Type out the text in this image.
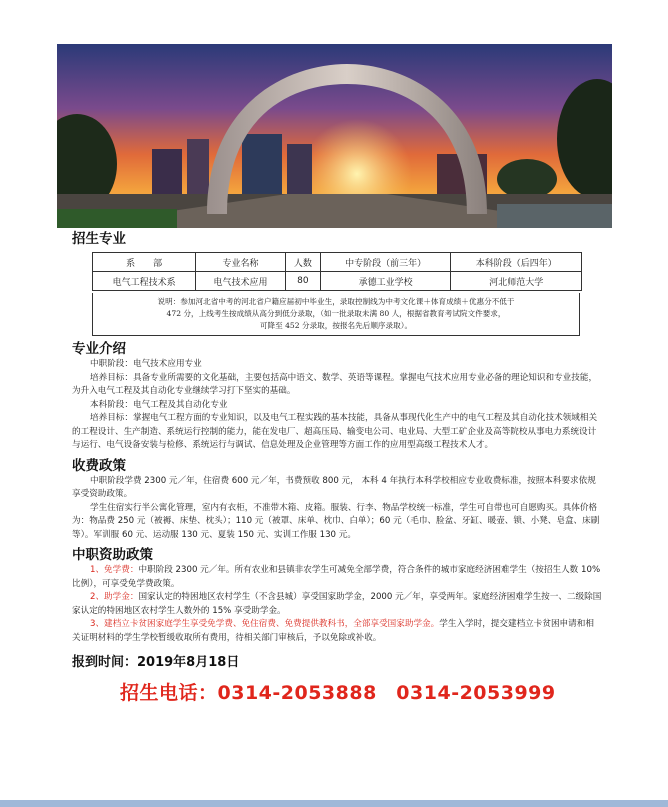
招生专业
系　　部	专业名称	人数	中专阶段（前三年）	本科阶段（后四年）
电气工程技术系	电气技术应用	80	承德工业学校	河北师范大学
说明：参加河北省中考的河北省户籍应届初中毕业生，录取控制线为中考文化课＋体育成绩＋优惠分不低于
472 分，上线考生按成绩从高分到低分录取，（如一批录取未满 80 人，根据省教育考试院文件要求，
可降至 452 分录取，按报名先后顺序录取）。
专业介绍

中职阶段：电气技术应用专业

培养目标：具备专业所需要的文化基础，主要包括高中语文、数学、英语等课程。掌握电气技术应用专业必备的理论知识和专业技能，为升入电气工程及其自动化专业继续学习打下坚实的基础。

本科阶段：电气工程及其自动化专业

培养目标：掌握电气工程方面的专业知识，以及电气工程实践的基本技能，具备从事现代化生产中的电气工程及其自动化技术领域相关的工程设计、生产制造、系统运行控制的能力，能在发电厂、超高压局、输变电公司、电业局、大型工矿企业及高等院校从事电力系统设计与运行、电气设备安装与检修、系统运行与调试、信息处理及企业管理等方面工作的应用型高级工程技术人才。

收费政策

中职阶段学费 2300 元／年，住宿费 600 元／年，书费预收 800 元， 本科 4 年执行本科学校相应专业收费标准，按照本科要求依规享受资助政策。

学生住宿实行半公寓化管理，室内有衣柜，不准带木箱、皮箱。服装、行李、物品学校统一标准，学生可自带也可自愿购买。具体价格为：物品费 250 元（被褥、床垫、枕头）；110 元（被罩、床单、枕巾、白单）；60 元（毛巾、脸盆、牙缸、暖壶、锁、小凳、皂盒、床刷等）。军训服 60 元、运动服 130 元、夏装 150 元、实训工作服 130 元。

中职资助政策

1、免学费：中职阶段 2300 元／年。所有农业和县镇非农学生可减免全部学费，符合条件的城市家庭经济困难学生（按招生人数 10% 比例），可享受免学费政策。

2、助学金：国家认定的特困地区农村学生（不含县城）享受国家助学金，2000 元／年，享受两年。家庭经济困难学生按一、二级除国家认定的特困地区农村学生人数外的 15% 享受助学金。

3、建档立卡贫困家庭学生享受免学费、免住宿费、免费提供教科书，全部享受国家助学金。学生入学时，提交建档立卡贫困申请和相关证明材料的学生学校暂缓收取所有费用，待相关部门审核后，予以免除或补收。

报到时间：2019年8月18日
招生电话：0314-2053888　0314-2053999
